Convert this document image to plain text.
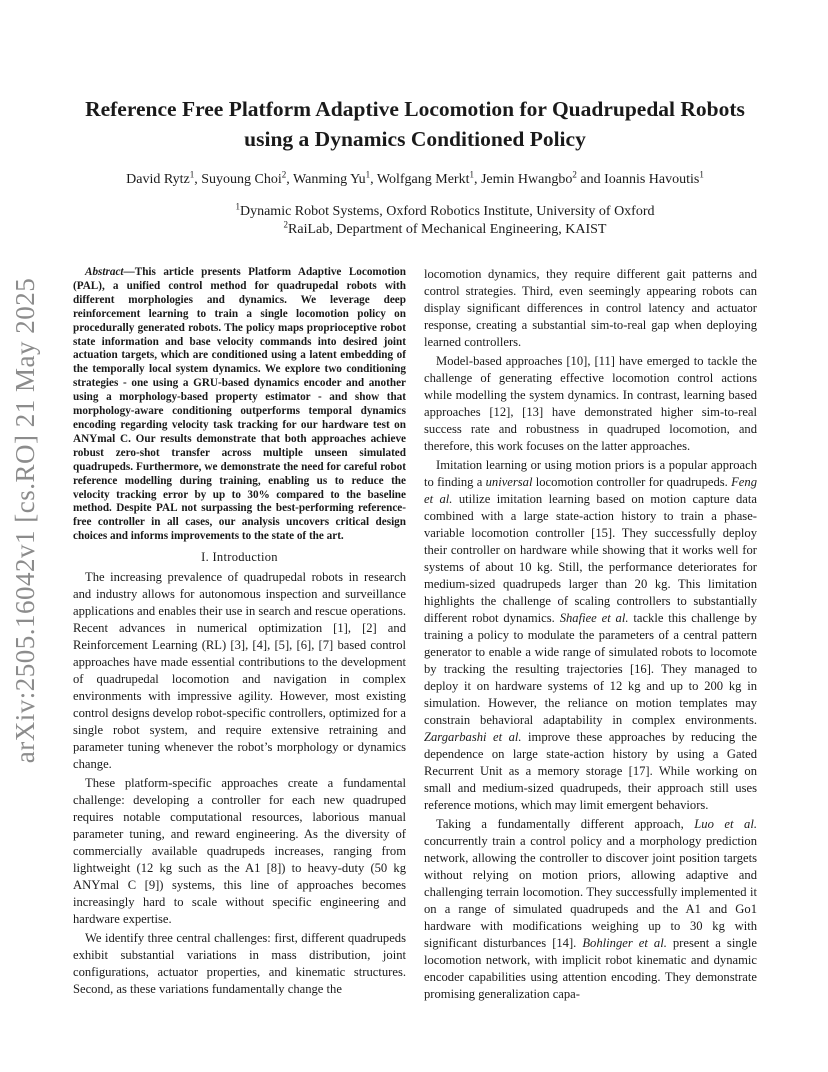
arXiv:2505.16042v1 [cs.RO] 21 May 2025
Reference Free Platform Adaptive Locomotion for Quadrupedal Robots using a Dynamics Conditioned Policy
David Rytz$^1$, Suyoung Choi$^2$, Wanming Yu$^1$, Wolfgang Merkt$^1$, Jemin Hwangbo$^2$ and Ioannis Havoutis$^1$
$^1$Dynamic Robot Systems, Oxford Robotics Institute, University of Oxford
$^2$RaiLab, Department of Mechanical Engineering, KAIST

Abstract—This article presents Platform Adaptive Locomotion (PAL), a unified control method for quadrupedal robots with different morphologies and dynamics. We leverage deep reinforcement learning to train a single locomotion policy on procedurally generated robots. The policy maps proprioceptive robot state information and base velocity commands into desired joint actuation targets, which are conditioned using a latent embedding of the temporally local system dynamics. We explore two conditioning strategies - one using a GRU-based dynamics encoder and another using a morphology-based property estimator - and show that morphology-aware conditioning outperforms temporal dynamics encoding regarding velocity task tracking for our hardware test on ANYmal C. Our results demonstrate that both approaches achieve robust zero-shot transfer across multiple unseen simulated quadrupeds. Furthermore, we demonstrate the need for careful robot reference modelling during training, enabling us to reduce the velocity tracking error by up to 30% compared to the baseline method. Despite PAL not surpassing the best-performing reference-free controller in all cases, our analysis uncovers critical design choices and informs improvements to the state of the art.

I. Introduction

The increasing prevalence of quadrupedal robots in research and industry allows for autonomous inspection and surveillance applications and enables their use in search and rescue operations. Recent advances in numerical optimization [1], [2] and Reinforcement Learning (RL) [3], [4], [5], [6], [7] based control approaches have made essential contributions to the development of quadrupedal locomotion and navigation in complex environments with impressive agility. However, most existing control designs develop robot-specific controllers, optimized for a single robot system, and require extensive retraining and parameter tuning whenever the robot’s morphology or dynamics change.

These platform-specific approaches create a fundamental challenge: developing a controller for each new quadruped requires notable computational resources, laborious manual parameter tuning, and reward engineering. As the diversity of commercially available quadrupeds increases, ranging from lightweight (12 kg such as the A1 [8]) to heavy-duty (50 kg ANYmal C [9]) systems, this line of approaches becomes increasingly hard to scale without specific engineering and hardware expertise.

We identify three central challenges: first, different quadrupeds exhibit substantial variations in mass distribution, joint configurations, actuator properties, and kinematic structures. Second, as these variations fundamentally change the

locomotion dynamics, they require different gait patterns and control strategies. Third, even seemingly appearing robots can display significant differences in control latency and actuator response, creating a substantial sim-to-real gap when deploying learned controllers.

Model-based approaches [10], [11] have emerged to tackle the challenge of generating effective locomotion control actions while modelling the system dynamics. In contrast, learning based approaches [12], [13] have demonstrated higher sim-to-real success rate and robustness in quadruped locomotion, and therefore, this work focuses on the latter approaches.

Imitation learning or using motion priors is a popular approach to finding a universal locomotion controller for quadrupeds. Feng et al. utilize imitation learning based on motion capture data combined with a large state-action history to train a phase-variable locomotion controller [15]. They successfully deploy their controller on hardware while showing that it works well for systems of about 10 kg. Still, the performance deteriorates for medium-sized quadrupeds larger than 20 kg. This limitation highlights the challenge of scaling controllers to substantially different robot dynamics. Shafiee et al. tackle this challenge by training a policy to modulate the parameters of a central pattern generator to enable a wide range of simulated robots to locomote by tracking the resulting trajectories [16]. They managed to deploy it on hardware systems of 12 kg and up to 200 kg in simulation. However, the reliance on motion templates may constrain behavioral adaptability in complex environments. Zargarbashi et al. improve these approaches by reducing the dependence on large state-action history by using a Gated Recurrent Unit as a memory storage [17]. While working on small and medium-sized quadrupeds, their approach still uses reference motions, which may limit emergent behaviors.

Taking a fundamentally different approach, Luo et al. concurrently train a control policy and a morphology prediction network, allowing the controller to discover joint position targets without relying on motion priors, allowing adaptive and challenging terrain locomotion. They successfully implemented it on a range of simulated quadrupeds and the A1 and Go1 hardware with modifications weighing up to 30 kg with significant disturbances [14]. Bohlinger et al. present a single locomotion network, with implicit robot kinematic and dynamic encoder capabilities using attention encoding. They demonstrate promising generalization capa-
